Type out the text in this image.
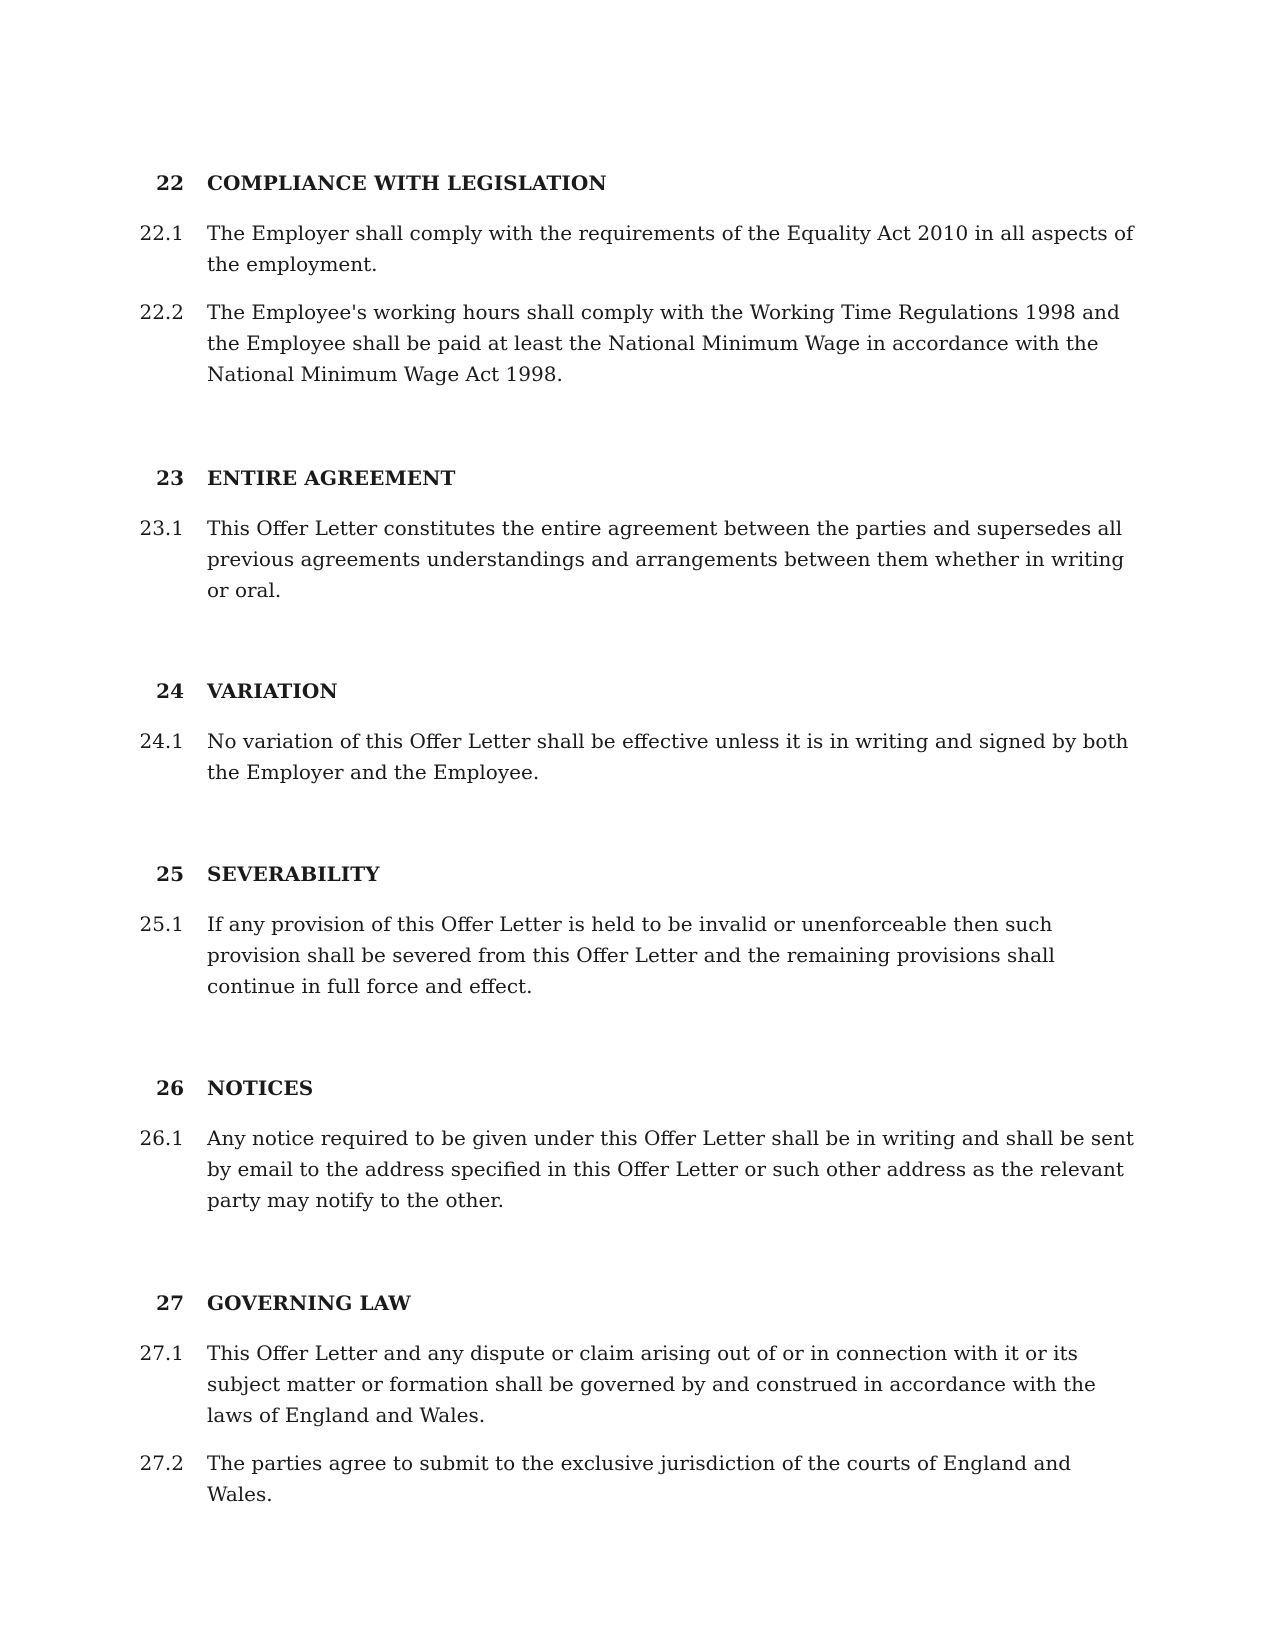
22 COMPLIANCE WITH LEGISLATION
22.1 The Employer shall comply with the requirements of the Equality Act 2010 in all aspects of the employment.
22.2 The Employee's working hours shall comply with the Working Time Regulations 1998 and the Employee shall be paid at least the National Minimum Wage in accordance with the National Minimum Wage Act 1998.
23 ENTIRE AGREEMENT
23.1 This Offer Letter constitutes the entire agreement between the parties and supersedes all previous agreements understandings and arrangements between them whether in writing or oral.
24 VARIATION
24.1 No variation of this Offer Letter shall be effective unless it is in writing and signed by both the Employer and the Employee.
25 SEVERABILITY
25.1 If any provision of this Offer Letter is held to be invalid or unenforceable then such provision shall be severed from this Offer Letter and the remaining provisions shall continue in full force and effect.
26 NOTICES
26.1 Any notice required to be given under this Offer Letter shall be in writing and shall be sent by email to the address specified in this Offer Letter or such other address as the relevant party may notify to the other.
27 GOVERNING LAW
27.1 This Offer Letter and any dispute or claim arising out of or in connection with it or its subject matter or formation shall be governed by and construed in accordance with the laws of England and Wales.
27.2 The parties agree to submit to the exclusive jurisdiction of the courts of England and Wales.
